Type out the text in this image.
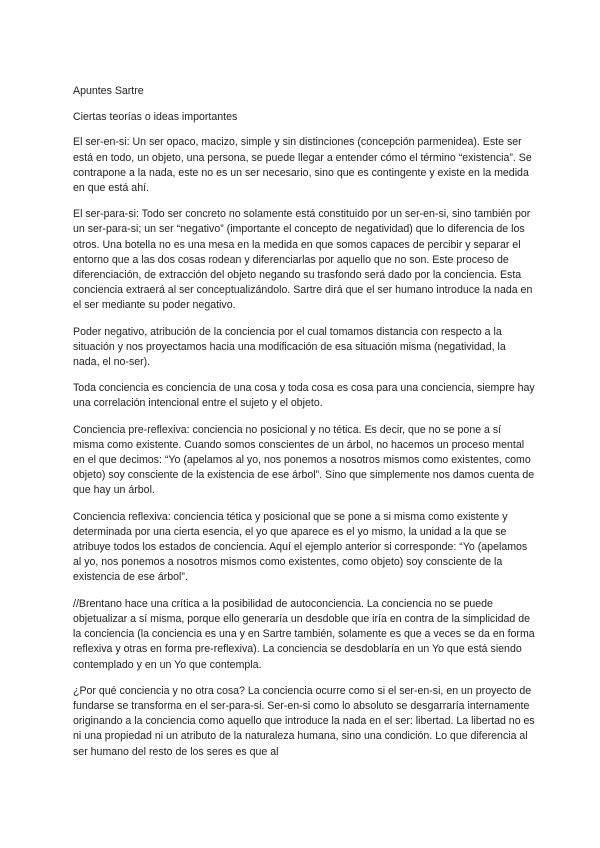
Apuntes Sartre

Ciertas teorías o ideas importantes

El ser-en-si: Un ser opaco, macizo, simple y sin distinciones (concepción parmenidea). Este ser está en todo, un objeto, una persona, se puede llegar a entender cómo el término “existencia”. Se contrapone a la nada, este no es un ser necesario, sino que es contingente y existe en la medida en que está ahí.

El ser-para-si: Todo ser concreto no solamente está constituido por un ser-en-si, sino también por un ser-para-si; un ser “negativo” (importante el concepto de negatividad) que lo diferencia de los otros. Una botella no es una mesa en la medida en que somos capaces de percibir y separar el entorno que a las dos cosas rodean y diferenciarlas por aquello que no son. Este proceso de diferenciación, de extracción del objeto negando su trasfondo será dado por la conciencia. Esta conciencia extraerá al ser conceptualizándolo. Sartre dirá que el ser humano introduce la nada en el ser mediante su poder negativo.

Poder negativo, atribución de la conciencia por el cual tomamos distancia con respecto a la situación y nos proyectamos hacia una modificación de esa situación misma (negatividad, la nada, el no-ser).

Toda conciencia es conciencia de una cosa y toda cosa es cosa para una conciencia, siempre hay una correlación intencional entre el sujeto y el objeto.

Conciencia pre-reflexiva: conciencia no posicional y no tética. Es decir, que no se pone a sí misma como existente. Cuando somos conscientes de un árbol, no hacemos un proceso mental en el que decimos: “Yo (apelamos al yo, nos ponemos a nosotros mismos como existentes, como objeto) soy consciente de la existencia de ese árbol”. Sino que simplemente nos damos cuenta de que hay un árbol.

Conciencia reflexiva: conciencia tética y posicional que se pone a si misma como existente y determinada por una cierta esencia, el yo que aparece es el yo mismo, la unidad a la que se atribuye todos los estados de conciencia. Aquí el ejemplo anterior si corresponde: “Yo (apelamos al yo, nos ponemos a nosotros mismos como existentes, como objeto) soy consciente de la existencia de ese árbol”.

//Brentano hace una crítica a la posibilidad de autoconciencia. La conciencia no se puede objetualizar a sí misma, porque ello generaría un desdoble que iría en contra de la simplicidad de la conciencia (la conciencia es una y en Sartre también, solamente es que a veces se da en forma reflexiva y otras en forma pre-reflexiva). La conciencia se desdoblaría en un Yo que está siendo contemplado y en un Yo que contempla.

¿Por qué conciencia y no otra cosa? La conciencia ocurre como si el ser-en-si, en un proyecto de fundarse se transforma en el ser-para-si. Ser-en-si como lo absoluto se desgarraría internamente originando a la conciencia como aquello que introduce la nada en el ser: libertad. La libertad no es ni una propiedad ni un atributo de la naturaleza humana, sino una condición. Lo que diferencia al ser humano del resto de los seres es que al
